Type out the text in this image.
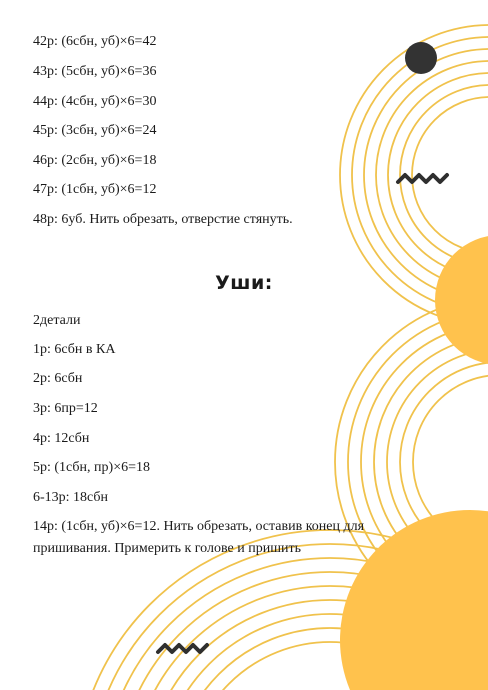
42р: (6сбн, уб)×6=42
43р: (5сбн, уб)×6=36
44р: (4сбн, уб)×6=30
45р: (3сбн, уб)×6=24
46р: (2сбн, уб)×6=18
47р: (1сбн, уб)×6=12
48р: 6уб. Нить обрезать, отверстие стянуть.
Уши:
2детали
1р: 6сбн в КА
2р: 6сбн
3р: 6пр=12
4р: 12сбн
5р: (1сбн, пр)×6=18
6-13р: 18сбн
14р: (1сбн, уб)×6=12. Нить обрезать, оставив конец для пришивания. Примерить к голове и пришить
